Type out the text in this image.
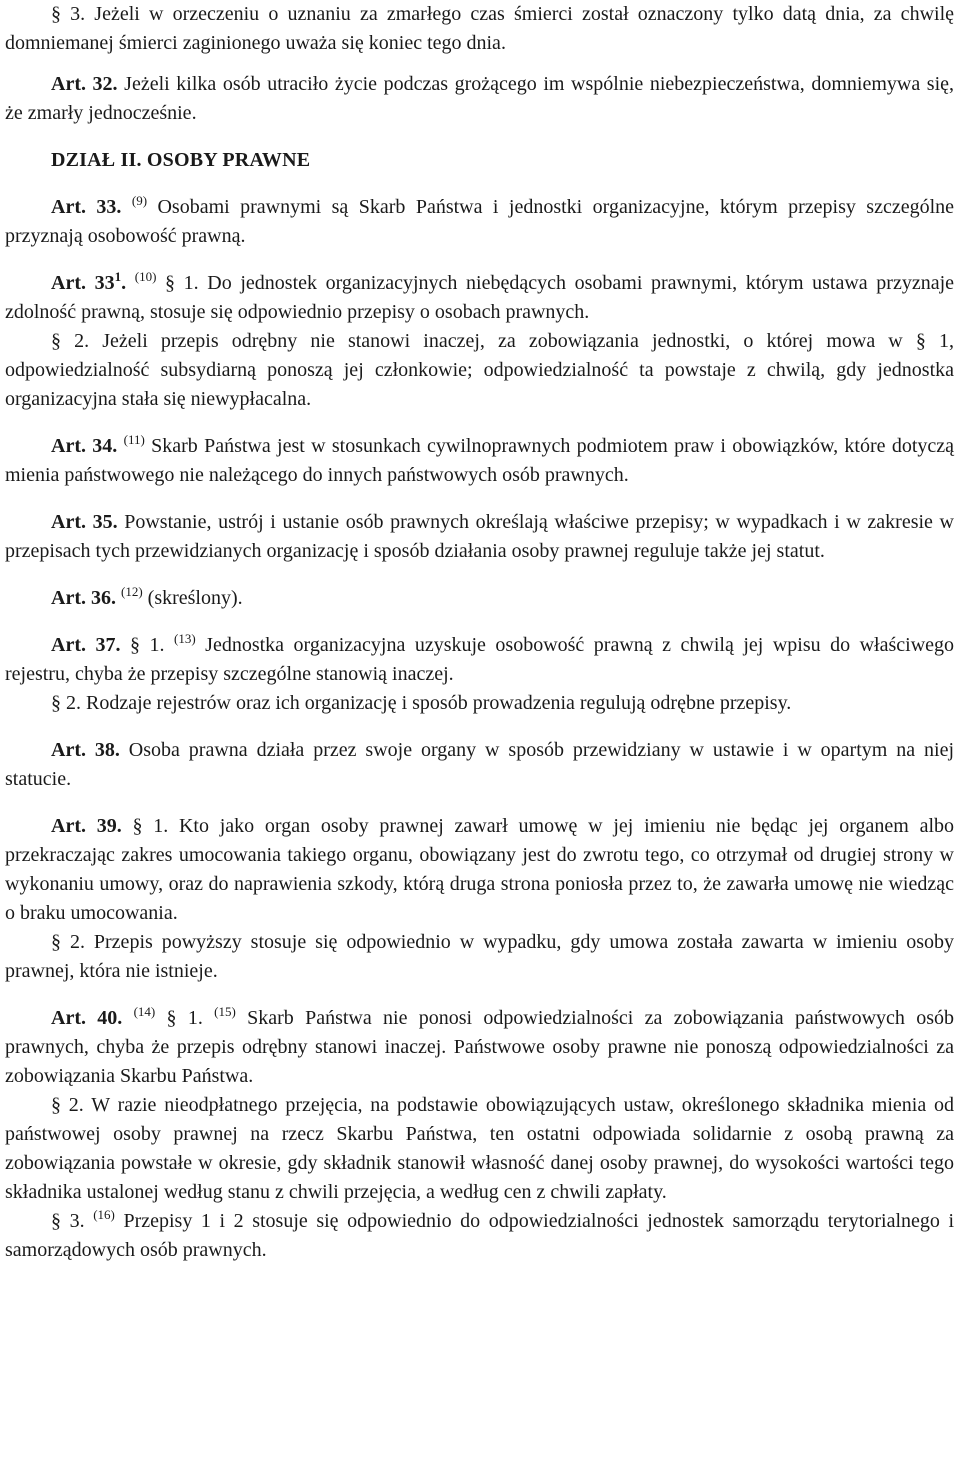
§ 3. Jeżeli w orzeczeniu o uznaniu za zmarłego czas śmierci został oznaczony tylko datą dnia, za chwilę domniemanej śmierci zaginionego uważa się koniec tego dnia.

Art. 32. Jeżeli kilka osób utraciło życie podczas grożącego im wspólnie niebezpieczeństwa, domniemywa się, że zmarły jednocześnie.

DZIAŁ II. OSOBY PRAWNE

Art. 33. $^{(9)}$ Osobami prawnymi są Skarb Państwa i jednostki organizacyjne, którym przepisy szczególne przyznają osobowość prawną.

Art. $33^1$. $^{(10)}$ § 1. Do jednostek organizacyjnych niebędących osobami prawnymi, którym ustawa przyznaje zdolność prawną, stosuje się odpowiednio przepisy o osobach prawnych.

§ 2. Jeżeli przepis odrębny nie stanowi inaczej, za zobowiązania jednostki, o której mowa w § 1, odpowiedzialność subsydiarną ponoszą jej członkowie; odpowiedzialność ta powstaje z chwilą, gdy jednostka organizacyjna stała się niewypłacalna.

Art. 34. $^{(11)}$ Skarb Państwa jest w stosunkach cywilnoprawnych podmiotem praw i obowiązków, które dotyczą mienia państwowego nie należącego do innych państwowych osób prawnych.

Art. 35. Powstanie, ustrój i ustanie osób prawnych określają właściwe przepisy; w wypadkach i w zakresie w przepisach tych przewidzianych organizację i sposób działania osoby prawnej reguluje także jej statut.

Art. 36. $^{(12)}$ (skreślony).

Art. 37. § 1. $^{(13)}$ Jednostka organizacyjna uzyskuje osobowość prawną z chwilą jej wpisu do właściwego rejestru, chyba że przepisy szczególne stanowią inaczej.

§ 2. Rodzaje rejestrów oraz ich organizację i sposób prowadzenia regulują odrębne przepisy.

Art. 38. Osoba prawna działa przez swoje organy w sposób przewidziany w ustawie i w opartym na niej statucie.

Art. 39. § 1. Kto jako organ osoby prawnej zawarł umowę w jej imieniu nie będąc jej organem albo przekraczając zakres umocowania takiego organu, obowiązany jest do zwrotu tego, co otrzymał od drugiej strony w wykonaniu umowy, oraz do naprawienia szkody, którą druga strona poniosła przez to, że zawarła umowę nie wiedząc o braku umocowania.

§ 2. Przepis powyższy stosuje się odpowiednio w wypadku, gdy umowa została zawarta w imieniu osoby prawnej, która nie istnieje.

Art. 40. $^{(14)}$ § 1. $^{(15)}$ Skarb Państwa nie ponosi odpowiedzialności za zobowiązania państwowych osób prawnych, chyba że przepis odrębny stanowi inaczej. Państwowe osoby prawne nie ponoszą odpowiedzialności za zobowiązania Skarbu Państwa.

§ 2. W razie nieodpłatnego przejęcia, na podstawie obowiązujących ustaw, określonego składnika mienia od państwowej osoby prawnej na rzecz Skarbu Państwa, ten ostatni odpowiada solidarnie z osobą prawną za zobowiązania powstałe w okresie, gdy składnik stanowił własność danej osoby prawnej, do wysokości wartości tego składnika ustalonej według stanu z chwili przejęcia, a według cen z chwili zapłaty.

§ 3. $^{(16)}$ Przepisy 1 i 2 stosuje się odpowiednio do odpowiedzialności jednostek samorządu terytorialnego i samorządowych osób prawnych.
